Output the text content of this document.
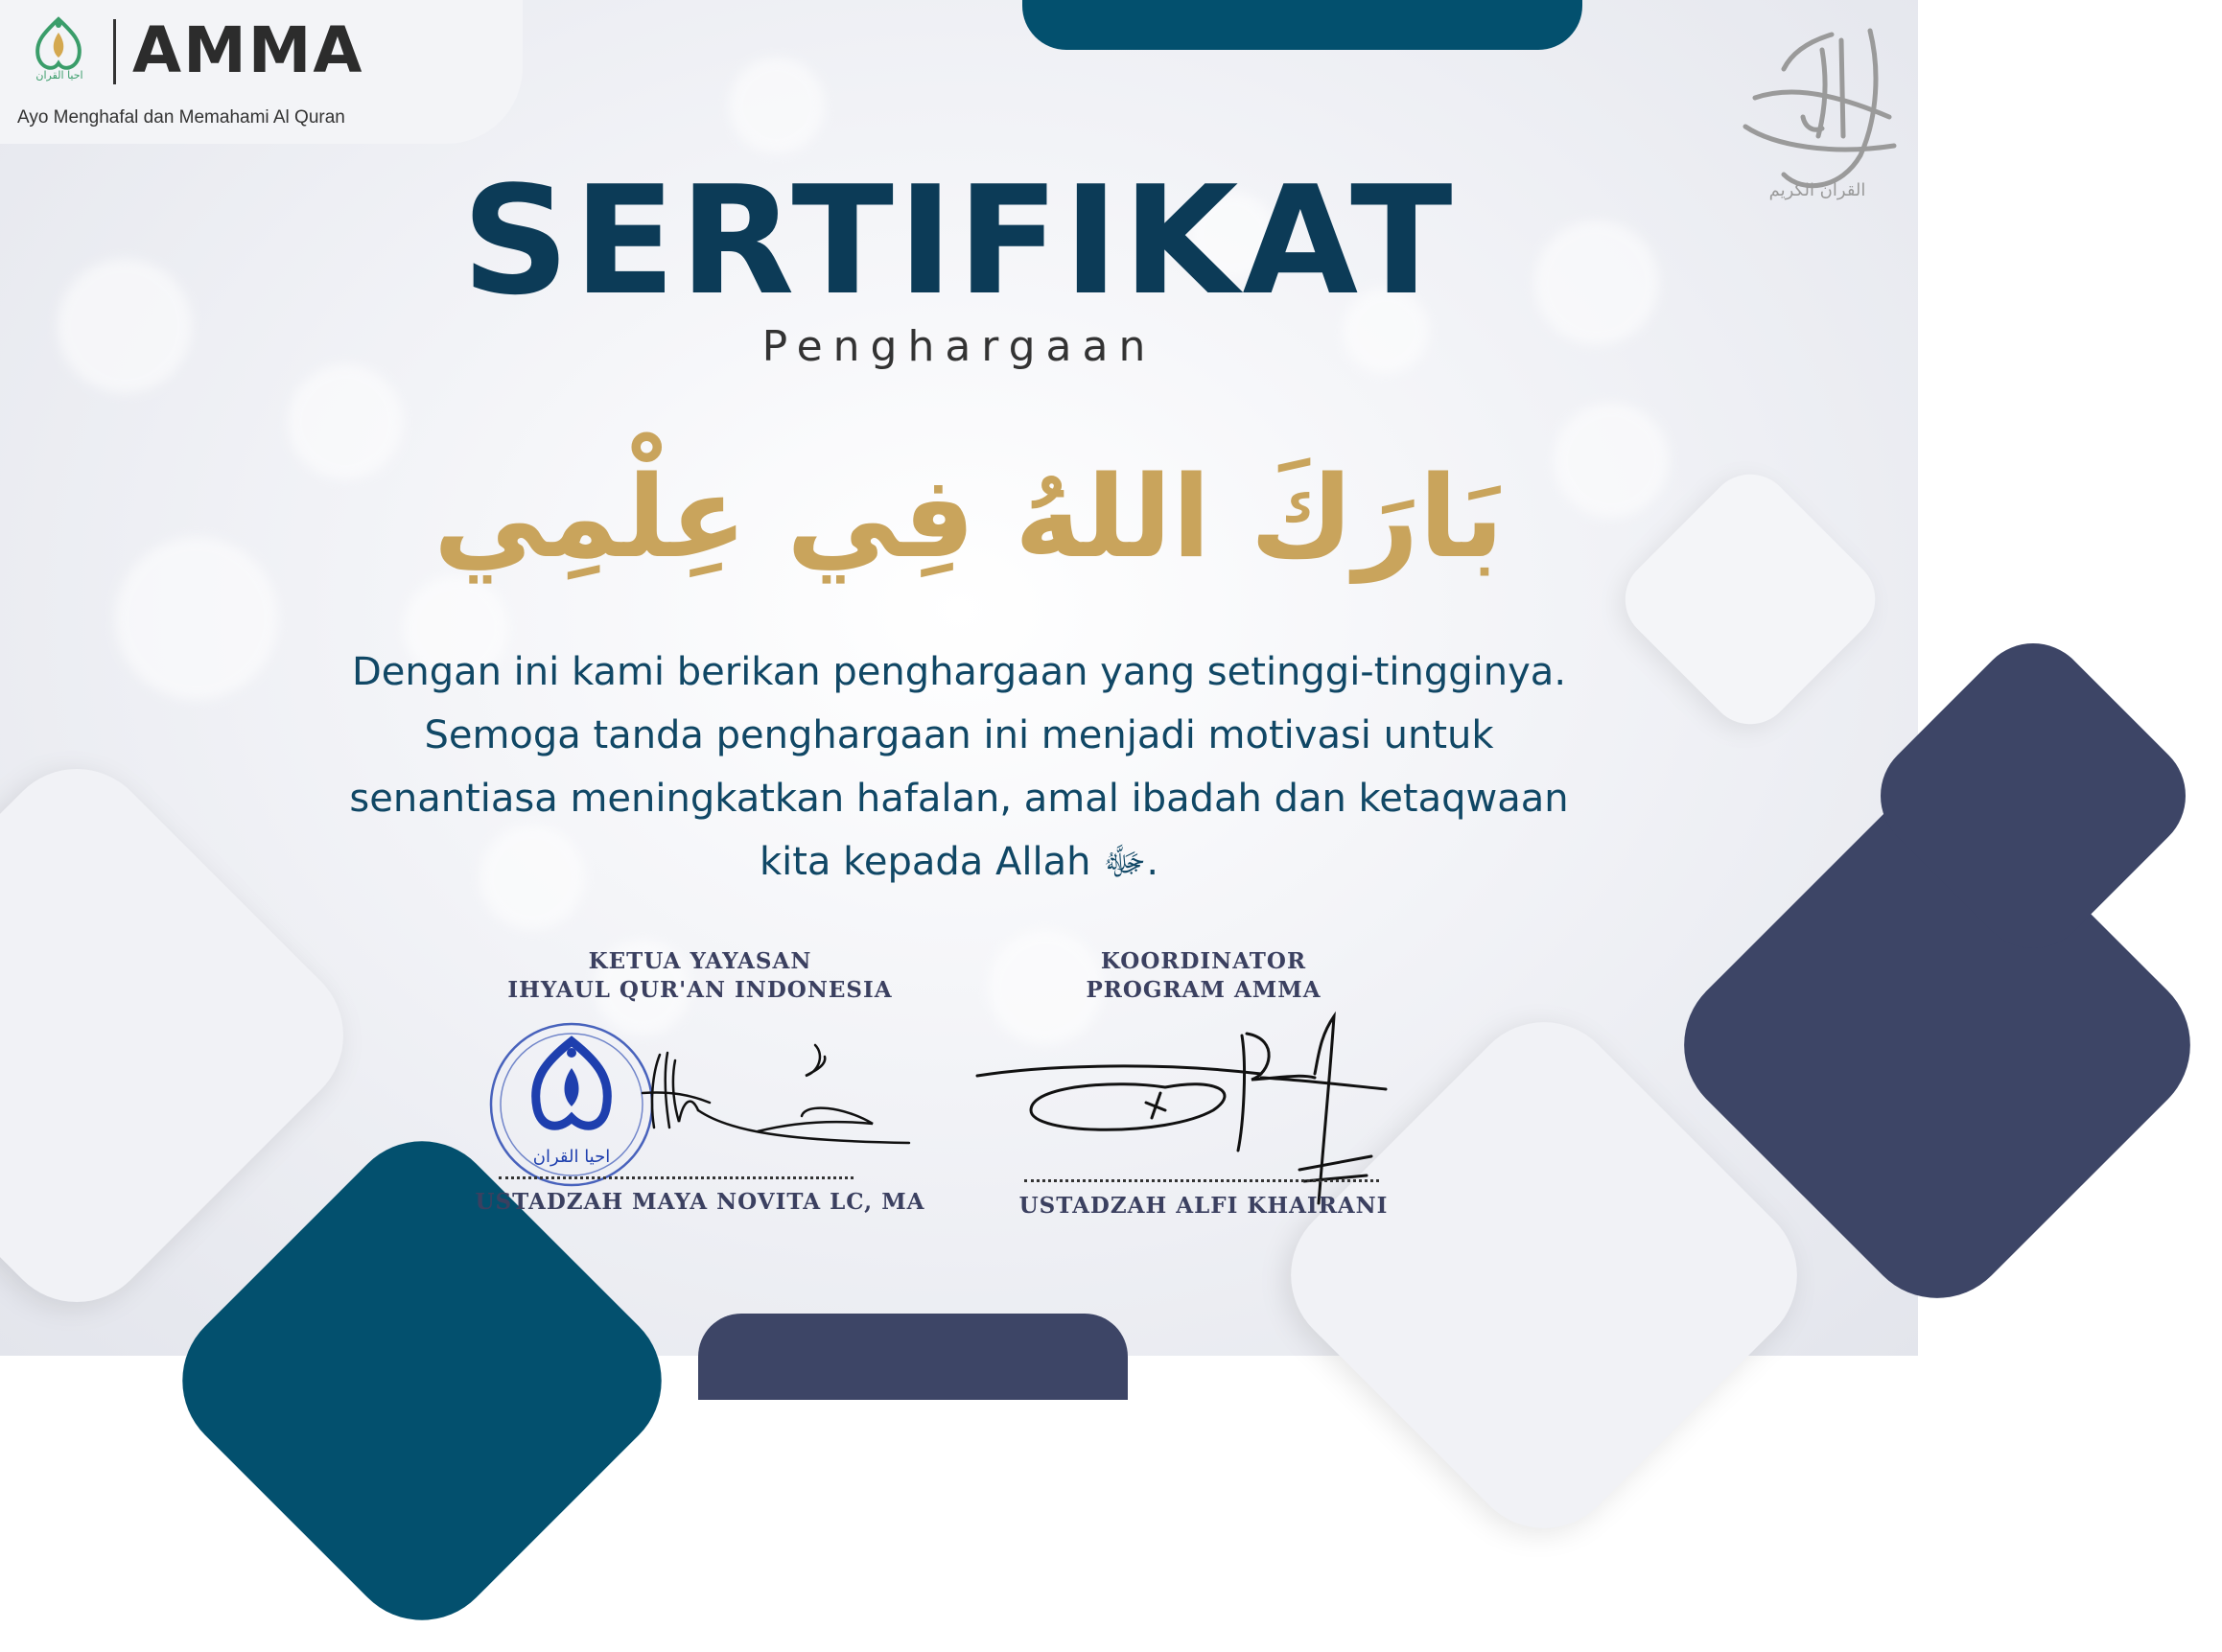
احيا القران AMMA
Ayo Menghafal dan Memahami Al Quran
القرآن الكريم
SERTIFIKAT
Penghargaan
بَارَكَ اللهُ فِي عِلْمِي
Dengan ini kami berikan penghargaan yang setinggi-tingginya.
Semoga tanda penghargaan ini menjadi motivasi untuk
senantiasa meningkatkan hafalan, amal ibadah dan ketaqwaan
kita kepada Allah ﷻ.
KETUA YAYASAN
IHYAUL QUR'AN INDONESIA
احيا القران
USTADZAH MAYA NOVITA LC, MA
KOORDINATOR
PROGRAM AMMA
USTADZAH ALFI KHAIRANI
